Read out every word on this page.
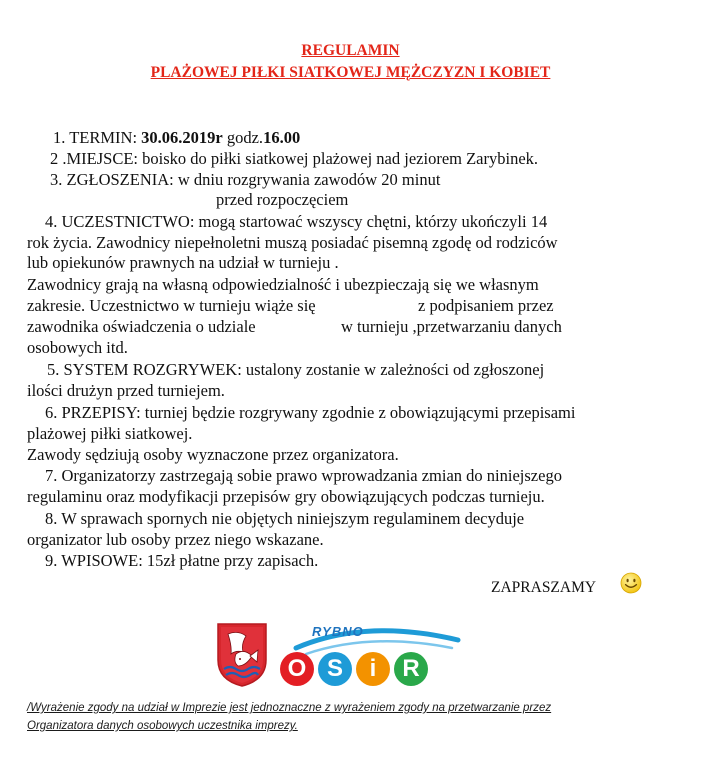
REGULAMIN
PLAŻOWEJ PIŁKI SIATKOWEJ MĘŻCZYZN I KOBIET
1. TERMIN: 30.06.2019r godz.16.00
2 .MIEJSCE: boisko do piłki siatkowej plażowej nad jeziorem Zarybinek.
3. ZGŁOSZENIA: w dniu rozgrywania zawodów 20 minut
przed rozpoczęciem
4. UCZESTNICTWO: mogą startować wszyscy chętni, którzy ukończyli 14
rok życia. Zawodnicy niepełnoletni muszą posiadać pisemną zgodę od rodziców
lub opiekunów prawnych na udział w turnieju .
Zawodnicy grają na własną odpowiedzialność i ubezpieczają się we własnym
zakresie. Uczestnictwo w turnieju wiąże się	z podpisaniem przez
zawodnika oświadczenia o udziale	w turnieju ,przetwarzaniu danych
osobowych itd.
5. SYSTEM ROZGRYWEK: ustalony zostanie w zależności od zgłoszonej
ilości drużyn przed turniejem.
6. PRZEPISY: turniej będzie rozgrywany zgodnie z obowiązującymi przepisami
plażowej piłki siatkowej.
Zawody sędziują osoby wyznaczone przez organizatora.
7. Organizatorzy zastrzegają sobie prawo wprowadzania zmian do niniejszego
regulaminu oraz modyfikacji przepisów gry obowiązujących podczas turnieju.
8. W sprawach spornych nie objętych niniejszym regulaminem decyduje
organizator lub osoby przez niego wskazane.
9. WPISOWE: 15zł płatne przy zapisach.
ZAPRASZAMY
RYBNO
O S	i	R
/Wyrażenie zgody na udział w Imprezie jest jednoznaczne z wyrażeniem zgody na przetwarzanie przez
Organizatora danych osobowych uczestnika imprezy.
